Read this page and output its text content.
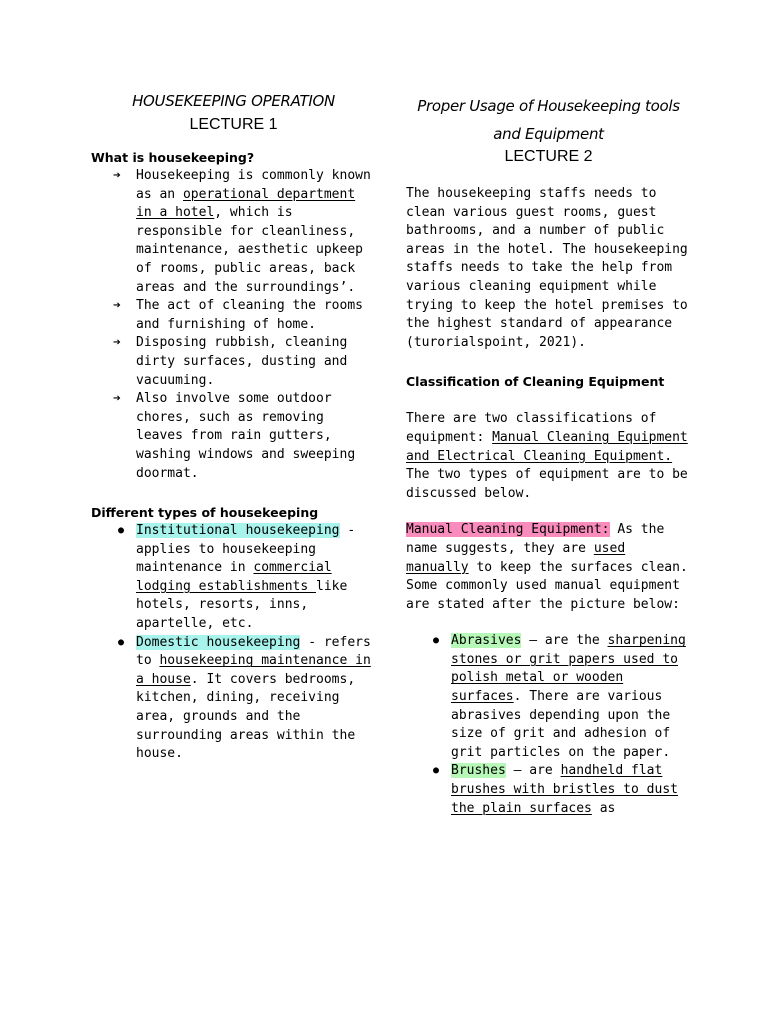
HOUSEKEEPING OPERATION
LECTURE 1
What is housekeeping?
➔ Housekeeping is commonly known as an operational department in a hotel, which is responsible for cleanliness, maintenance, aesthetic upkeep of rooms, public areas, back areas and the surroundings’.
➔ The act of cleaning the rooms and furnishing of home.
➔ Disposing rubbish, cleaning dirty surfaces, dusting and vacuuming.
➔ Also involve some outdoor chores, such as removing leaves from rain gutters, washing windows and sweeping doormat.
Different types of housekeeping
● Institutional housekeeping - applies to housekeeping maintenance in commercial lodging establishments like hotels, resorts, inns, apartelle, etc.
● Domestic housekeeping - refers to housekeeping maintenance in a house. It covers bedrooms, kitchen, dining, receiving area, grounds and the surrounding areas within the house.
Proper Usage of Housekeeping tools and Equipment
LECTURE 2

The housekeeping staffs needs to clean various guest rooms, guest bathrooms, and a number of public areas in the hotel. The housekeeping staffs needs to take the help from various cleaning equipment while trying to keep the hotel premises to the highest standard of appearance (turorialspoint, 2021).

Classification of Cleaning Equipment

There are two classifications of equipment: Manual Cleaning Equipment and Electrical Cleaning Equipment. The two types of equipment are to be discussed below.

Manual Cleaning Equipment: As the name suggests, they are used manually to keep the surfaces clean. Some commonly used manual equipment are stated after the picture below:

● Abrasives – are the sharpening stones or grit papers used to polish metal or wooden surfaces. There are various abrasives depending upon the size of grit and adhesion of grit particles on the paper.
● Brushes – are handheld flat brushes with bristles to dust the plain surfaces as
